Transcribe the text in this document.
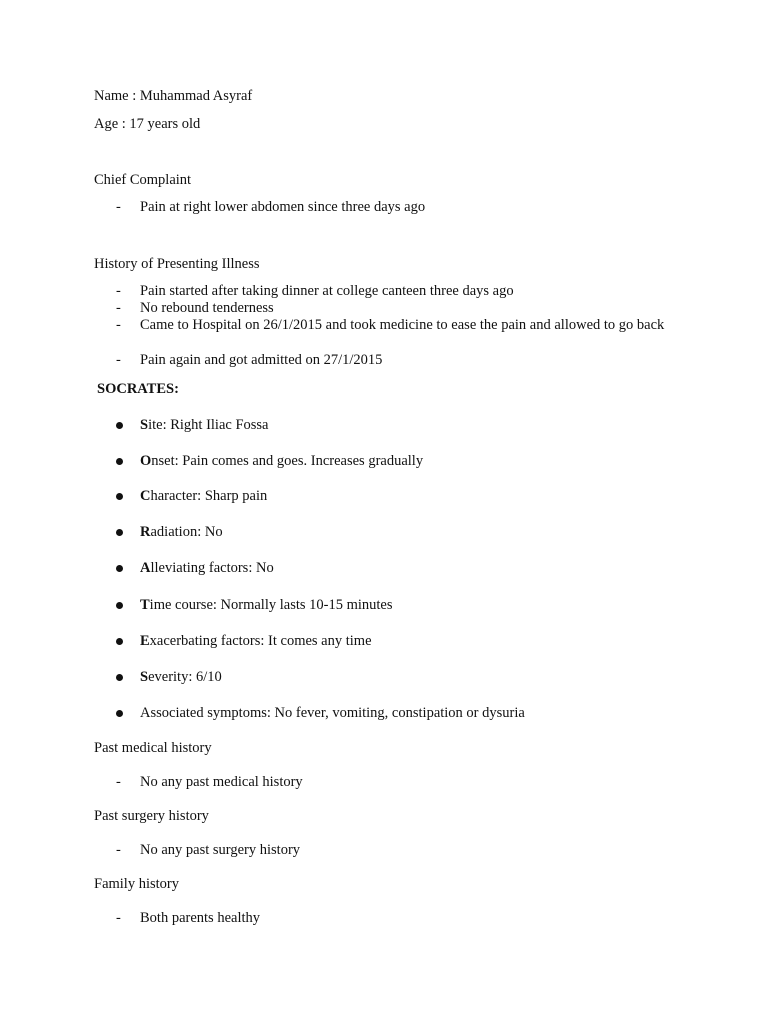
Name : Muhammad Asyraf
Age : 17 years old
Chief Complaint
- Pain at right lower abdomen since three days ago
History of Presenting Illness
- Pain started after taking dinner at college canteen three days ago
- No rebound tenderness
- Came to Hospital on 26/1/2015 and took medicine to ease the pain and allowed to go back
- Pain again and got admitted on 27/1/2015
SOCRATES:
Site: Right Iliac Fossa
Onset: Pain comes and goes. Increases gradually
Character: Sharp pain
Radiation: No
Alleviating factors: No
Time course: Normally lasts 10-15 minutes
Exacerbating factors: It comes any time
Severity: 6/10
Associated symptoms: No fever, vomiting, constipation or dysuria
Past medical history
- No any past medical history
Past surgery history
- No any past surgery history
Family history
- Both parents healthy
